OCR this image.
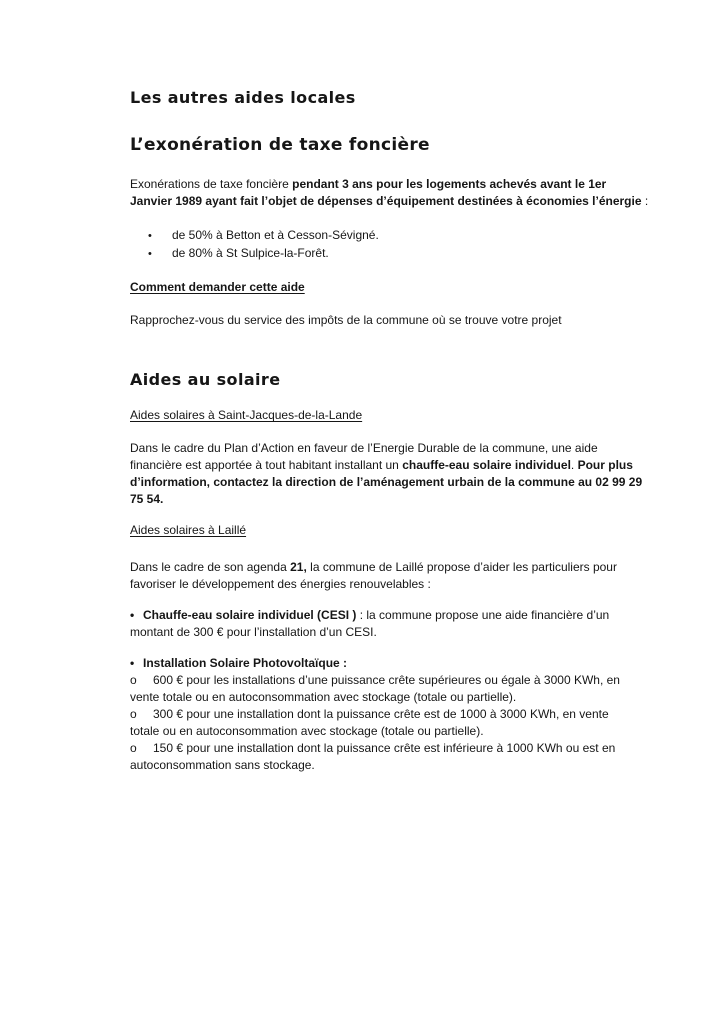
Les autres aides locales
L’exonération de taxe foncière
Exonérations de taxe foncière pendant 3 ans pour les logements achevés avant le 1er
Janvier 1989 ayant fait l’objet de dépenses d’équipement destinées à économies l’énergie :
• de 50% à Betton et à Cesson-Sévigné.
• de 80% à St Sulpice-la-Forêt.
Comment demander cette aide
Rapprochez-vous du service des impôts de la commune où se trouve votre projet
Aides au solaire
Aides solaires à Saint-Jacques-de-la-Lande
Dans le cadre du Plan d’Action en faveur de l’Energie Durable de la commune, une aide
financière est apportée à tout habitant installant un chauffe-eau solaire individuel. Pour plus
d’information, contactez la direction de l’aménagement urbain de la commune au 02 99 29
75 54.
Aides solaires à Laillé
Dans le cadre de son agenda 21, la commune de Laillé propose d’aider les particuliers pour
favoriser le développement des énergies renouvelables :
• Chauffe-eau solaire individuel (CESI ) : la commune propose une aide financière d’un
montant de 300 € pour l’installation d’un CESI.
• Installation Solaire Photovoltaïque :
o 600 € pour les installations d’une puissance crête supérieures ou égale à 3000 KWh, en
vente totale ou en autoconsommation avec stockage (totale ou partielle).
o 300 € pour une installation dont la puissance crête est de 1000 à 3000 KWh, en vente
totale ou en autoconsommation avec stockage (totale ou partielle).
o 150 € pour une installation dont la puissance crête est inférieure à 1000 KWh ou est en
autoconsommation sans stockage.
